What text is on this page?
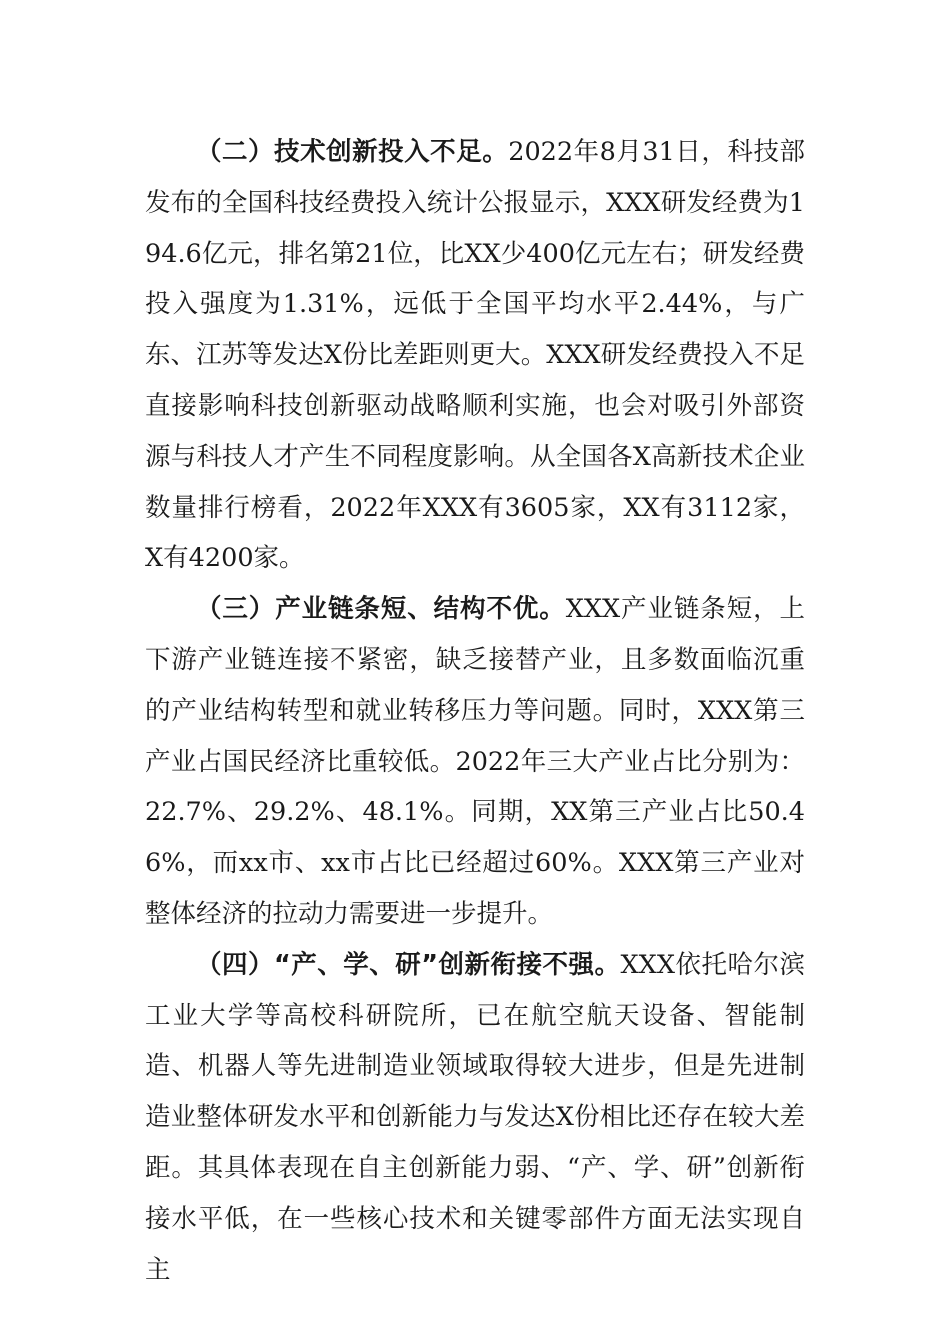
（二）技术创新投入不足。2022年8月31日，科技部发布的全国科技经费投入统计公报显示，XXX研发经费为194.6亿元，排名第21位，比XX少400亿元左右；研发经费投入强度为1.31%，远低于全国平均水平2.44%，与广东、江苏等发达X份比差距则更大。XXX研发经费投入不足直接影响科技创新驱动战略顺利实施，也会对吸引外部资源与科技人才产生不同程度影响。从全国各X高新技术企业数量排行榜看，2022年XXX有3605家，XX有3112家，X有4200家。

（三）产业链条短、结构不优。XXX产业链条短，上下游产业链连接不紧密，缺乏接替产业，且多数面临沉重的产业结构转型和就业转移压力等问题。同时，XXX第三产业占国民经济比重较低。2022年三大产业占比分别为：22.7%、29.2%、48.1%。同期，XX第三产业占比50.46%，而xx市、xx市占比已经超过60%。XXX第三产业对整体经济的拉动力需要进一步提升。

（四）“产、学、研”创新衔接不强。XXX依托哈尔滨工业大学等高校科研院所，已在航空航天设备、智能制造、机器人等先进制造业领域取得较大进步，但是先进制造业整体研发水平和创新能力与发达X份相比还存在较大差距。其具体表现在自主创新能力弱、“产、学、研”创新衔接水平低，在一些核心技术和关键零部件方面无法实现自主
